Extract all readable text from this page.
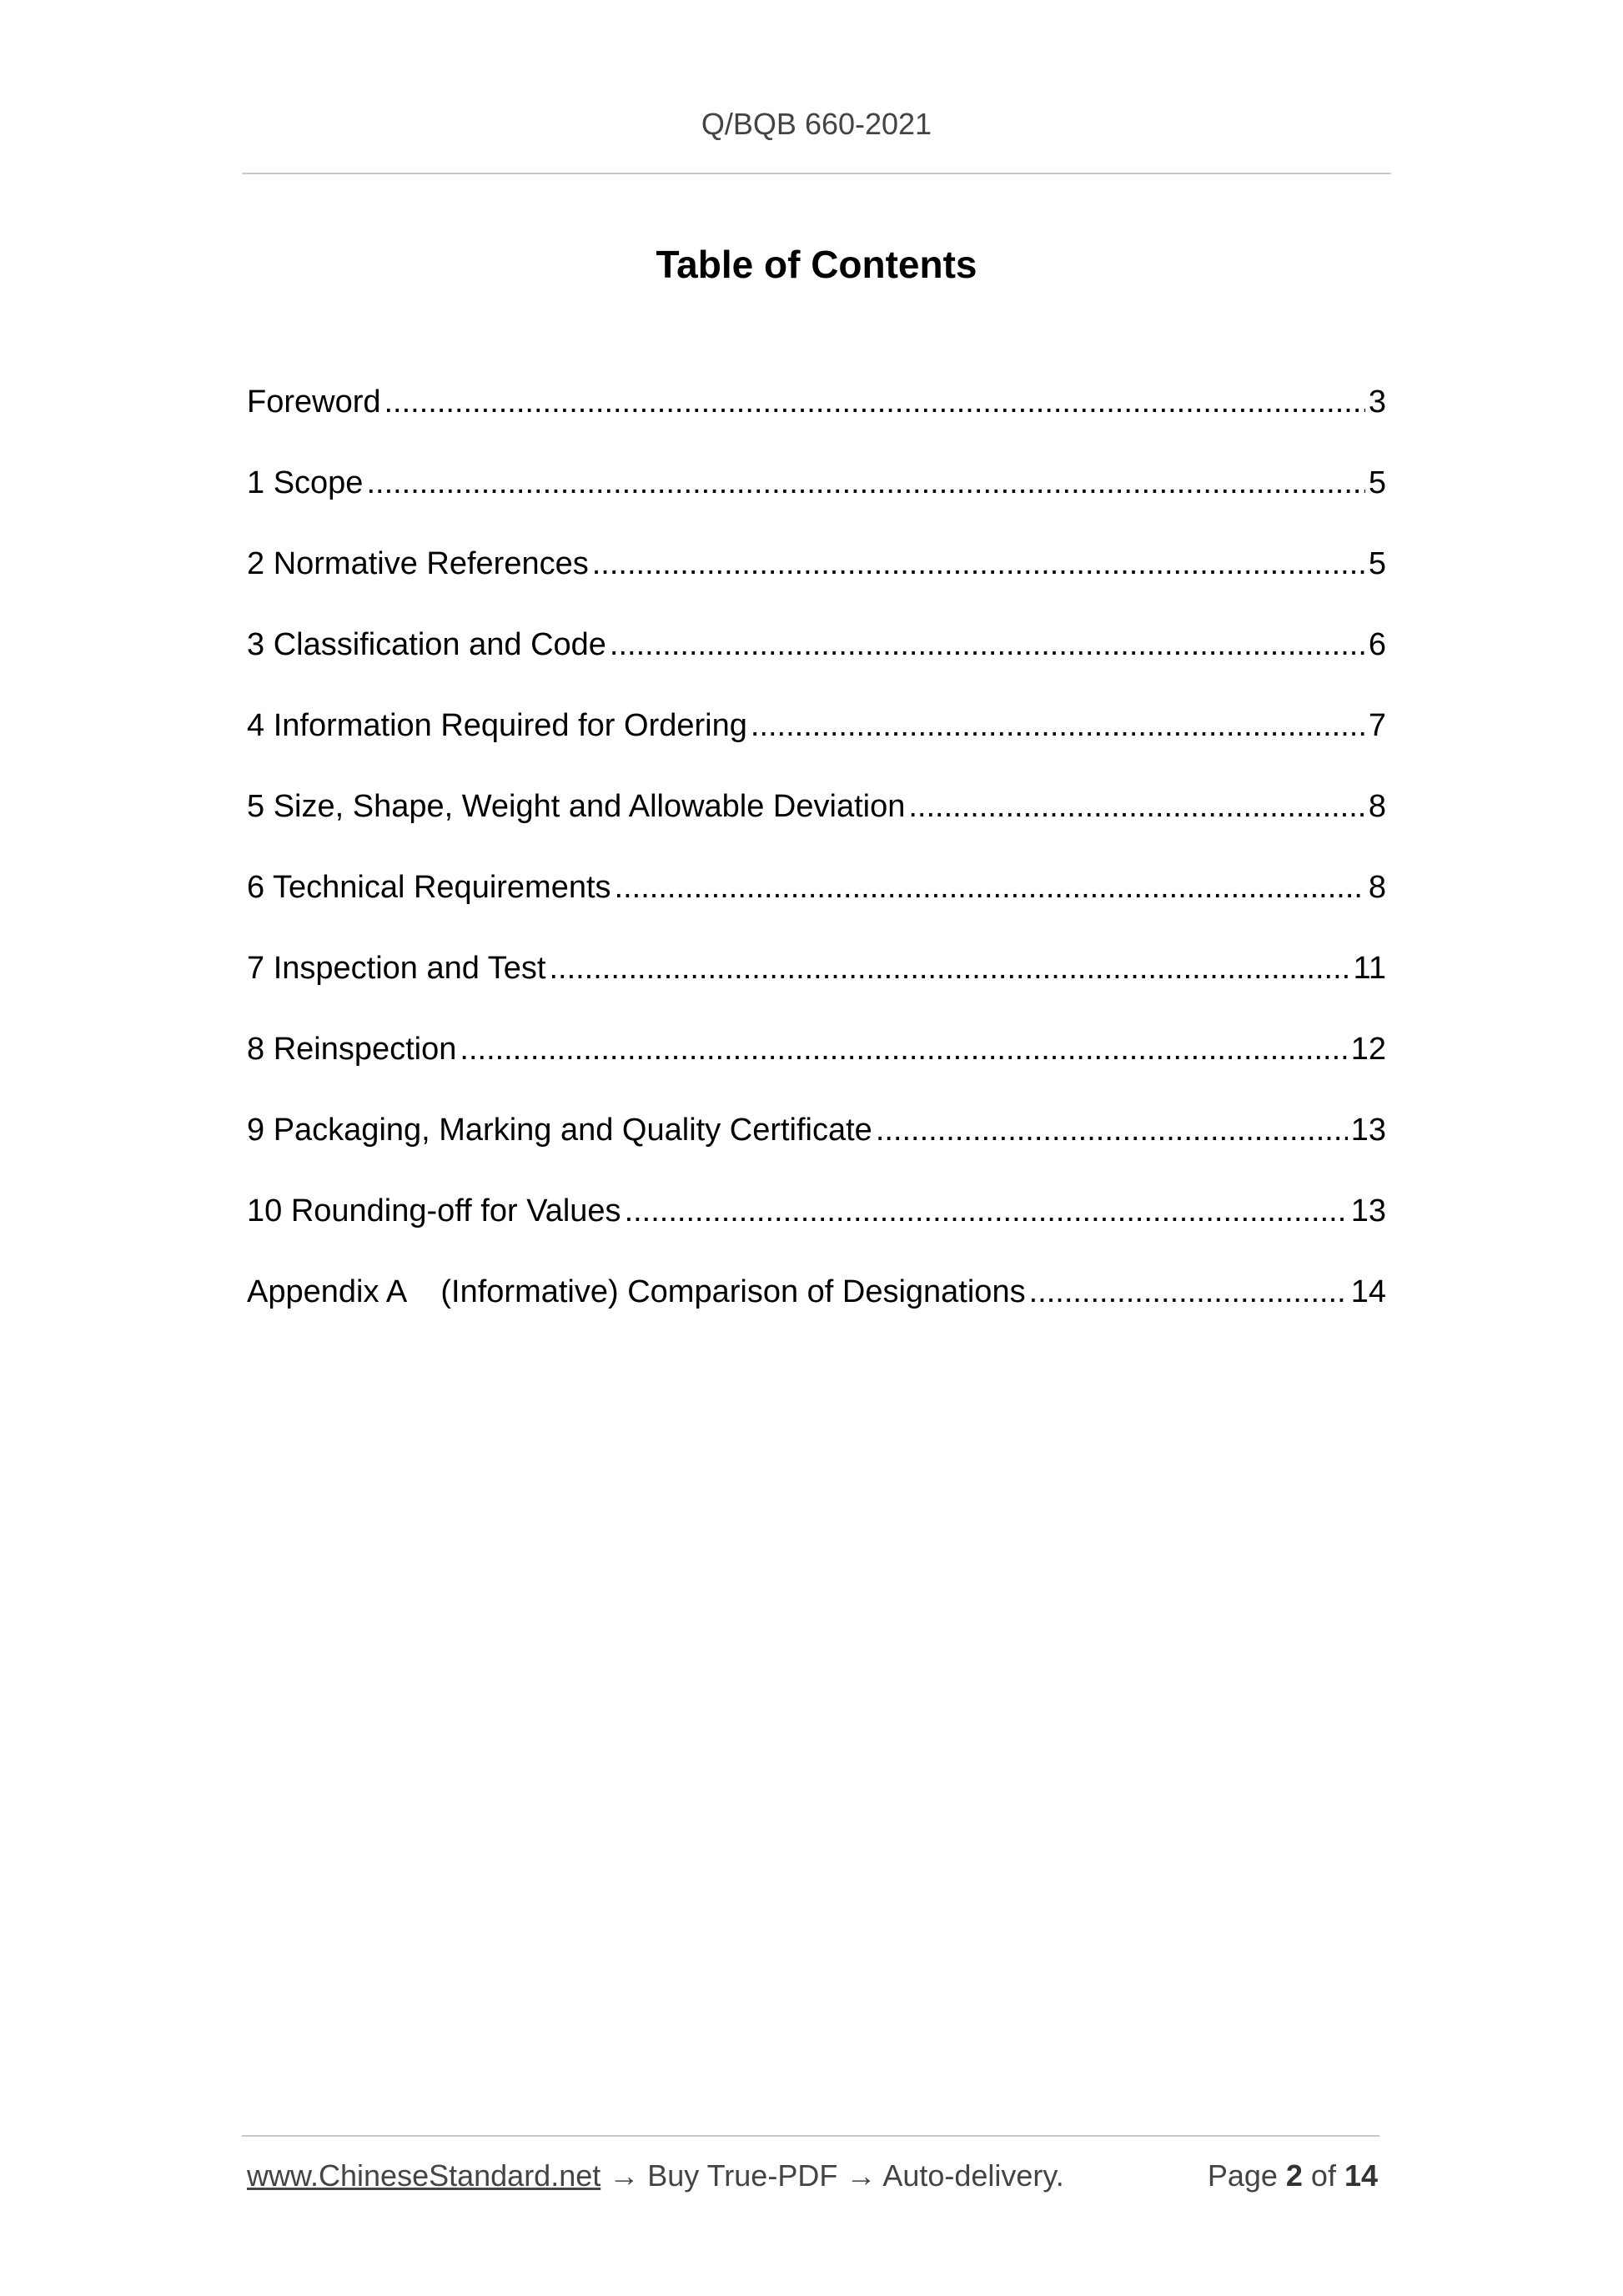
Q/BQB 660-2021
Table of Contents
Foreword .....	3
1 Scope .....	5
2 Normative References .....	5
3 Classification and Code .....	6
4 Information Required for Ordering .....	7
5 Size, Shape, Weight and Allowable Deviation .....	8
6 Technical Requirements .....	8
7 Inspection and Test .....	11
8 Reinspection .....	12
9 Packaging, Marking and Quality Certificate .....	13
10 Rounding-off for Values .....	13
Appendix A    (Informative) Comparison of Designations .....	14
www.ChineseStandard.net → Buy True-PDF → Auto-delivery.	Page 2 of 14
